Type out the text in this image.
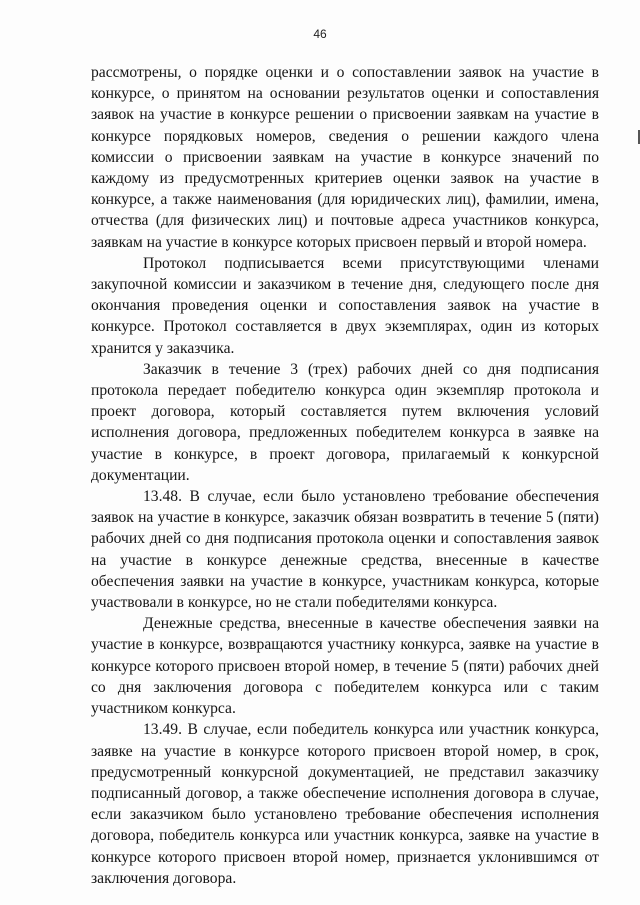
46

рассмотрены, о порядке оценки и о сопоставлении заявок на участие в конкурсе, о принятом на основании результатов оценки и сопоставления заявок на участие в конкурсе решении о присвоении заявкам на участие в конкурсе порядковых номеров, сведения о решении каждого члена комиссии о присвоении заявкам на участие в конкурсе значений по каждому из предусмотренных критериев оценки заявок на участие в конкурсе, а также наименования (для юридических лиц), фамилии, имена, отчества (для физических лиц) и почтовые адреса участников конкурса, заявкам на участие в конкурсе которых присвоен первый и второй номера.

Протокол подписывается всеми присутствующими членами закупочной комиссии и заказчиком в течение дня, следующего после дня окончания проведения оценки и сопоставления заявок на участие в конкурсе. Протокол составляется в двух экземплярах, один из которых хранится у заказчика.

Заказчик в течение 3 (трех) рабочих дней со дня подписания протокола передает победителю конкурса один экземпляр протокола и проект договора, который составляется путем включения условий исполнения договора, предложенных победителем конкурса в заявке на участие в конкурсе, в проект договора, прилагаемый к конкурсной документации.

13.48. В случае, если было установлено требование обеспечения заявок на участие в конкурсе, заказчик обязан возвратить в течение 5 (пяти) рабочих дней со дня подписания протокола оценки и сопоставления заявок на участие в конкурсе денежные средства, внесенные в качестве обеспечения заявки на участие в конкурсе, участникам конкурса, которые участвовали в конкурсе, но не стали победителями конкурса.

Денежные средства, внесенные в качестве обеспечения заявки на участие в конкурсе, возвращаются участнику конкурса, заявке на участие в конкурсе которого присвоен второй номер, в течение 5 (пяти) рабочих дней со дня заключения договора с победителем конкурса или с таким участником конкурса.

13.49. В случае, если победитель конкурса или участник конкурса, заявке на участие в конкурсе которого присвоен второй номер, в срок, предусмотренный конкурсной документацией, не представил заказчику подписанный договор, а также обеспечение исполнения договора в случае, если заказчиком было установлено требование обеспечения исполнения договора, победитель конкурса или участник конкурса, заявке на участие в конкурсе которого присвоен второй номер, признается уклонившимся от заключения договора.
